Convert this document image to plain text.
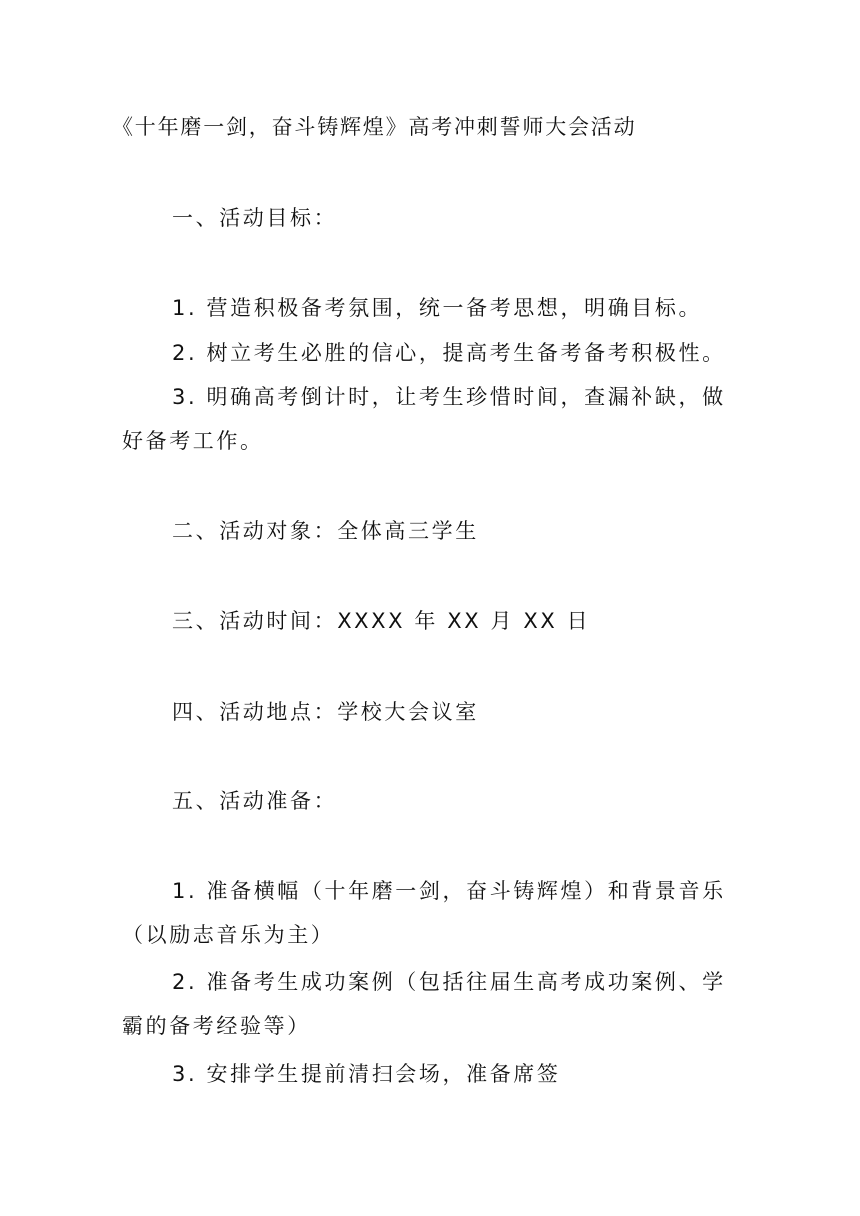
《十年磨一剑，奋斗铸辉煌》高考冲刺誓师大会活动
一、活动目标：
1. 营造积极备考氛围，统一备考思想，明确目标。
2. 树立考生必胜的信心，提高考生备考备考积极性。
3. 明确高考倒计时，让考生珍惜时间，查漏补缺，做好备考工作。
二、活动对象：全体高三学生
三、活动时间：XXXX 年 XX 月 XX 日
四、活动地点：学校大会议室
五、活动准备：
1. 准备横幅（十年磨一剑，奋斗铸辉煌）和背景音乐（以励志音乐为主）
2. 准备考生成功案例（包括往届生高考成功案例、学霸的备考经验等）
3. 安排学生提前清扫会场，准备席签
